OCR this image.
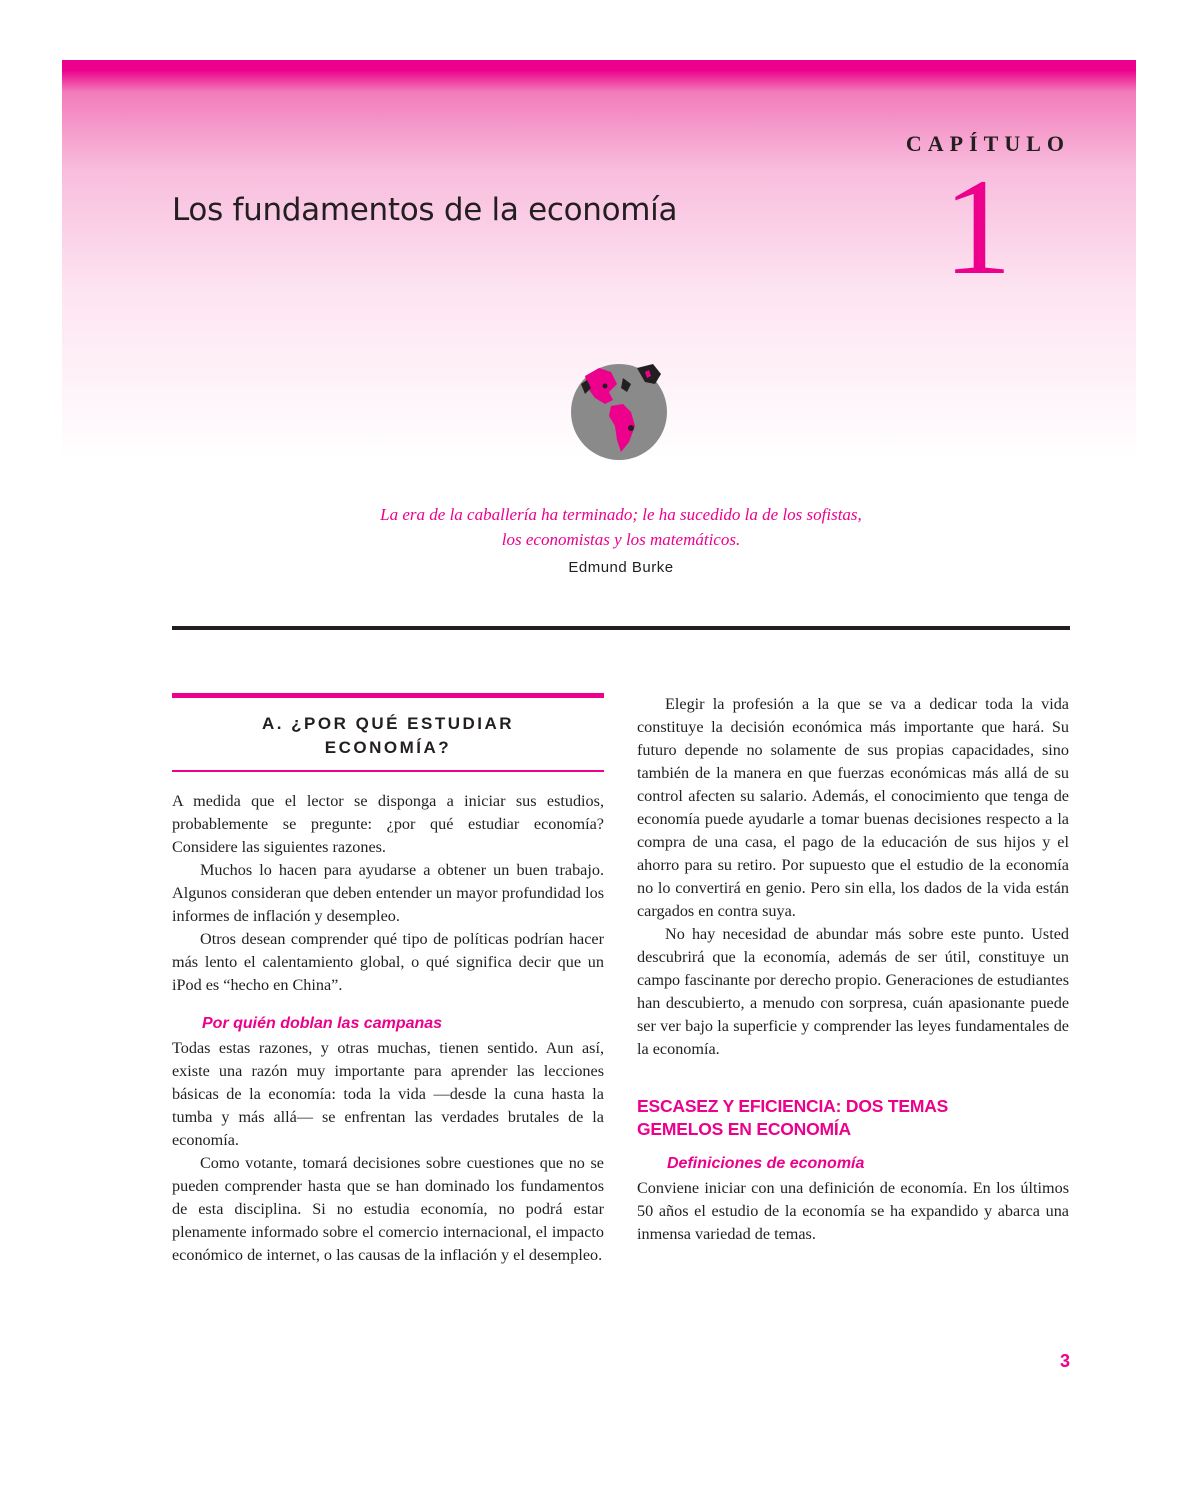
CAPÍTULO
1
Los fundamentos de la economía
La era de la caballería ha terminado; le ha sucedido la de los sofistas,
los economistas y los matemáticos.
Edmund Burke
A. ¿POR QUÉ ESTUDIAR
ECONOMÍA?

A medida que el lector se disponga a iniciar sus estudios, probablemente se pregunte: ¿por qué estudiar economía? Considere las siguientes razones.

Muchos lo hacen para ayudarse a obtener un buen trabajo. Algunos consideran que deben entender un mayor profundidad los informes de inflación y desempleo.

Otros desean comprender qué tipo de políticas podrían hacer más lento el calentamiento global, o qué significa decir que un iPod es “hecho en China”.

Por quién doblan las campanas

Todas estas razones, y otras muchas, tienen sentido. Aun así, existe una razón muy importante para aprender las lecciones básicas de la economía: toda la vida —desde la cuna hasta la tumba y más allá— se enfrentan las verdades brutales de la economía.

Como votante, tomará decisiones sobre cuestiones que no se pueden comprender hasta que se han dominado los fundamentos de esta disciplina. Si no estudia economía, no podrá estar plenamente informado sobre el comercio internacional, el impacto económico de internet, o las causas de la inflación y el desempleo.

Elegir la profesión a la que se va a dedicar toda la vida constituye la decisión económica más importante que hará. Su futuro depende no solamente de sus propias capacidades, sino también de la manera en que fuerzas económicas más allá de su control afecten su salario. Además, el conocimiento que tenga de economía puede ayudarle a tomar buenas decisiones respecto a la compra de una casa, el pago de la educación de sus hijos y el ahorro para su retiro. Por supuesto que el estudio de la economía no lo convertirá en genio. Pero sin ella, los dados de la vida están cargados en contra suya.

No hay necesidad de abundar más sobre este punto. Usted descubrirá que la economía, además de ser útil, constituye un campo fascinante por derecho propio. Generaciones de estudiantes han descubierto, a menudo con sorpresa, cuán apasionante puede ser ver bajo la superficie y comprender las leyes fundamentales de la economía.

ESCASEZ Y EFICIENCIA: DOS TEMAS
GEMELOS EN ECONOMÍA
Definiciones de economía

Conviene iniciar con una definición de economía. En los últimos 50 años el estudio de la economía se ha expandido y abarca una inmensa variedad de temas.

3
